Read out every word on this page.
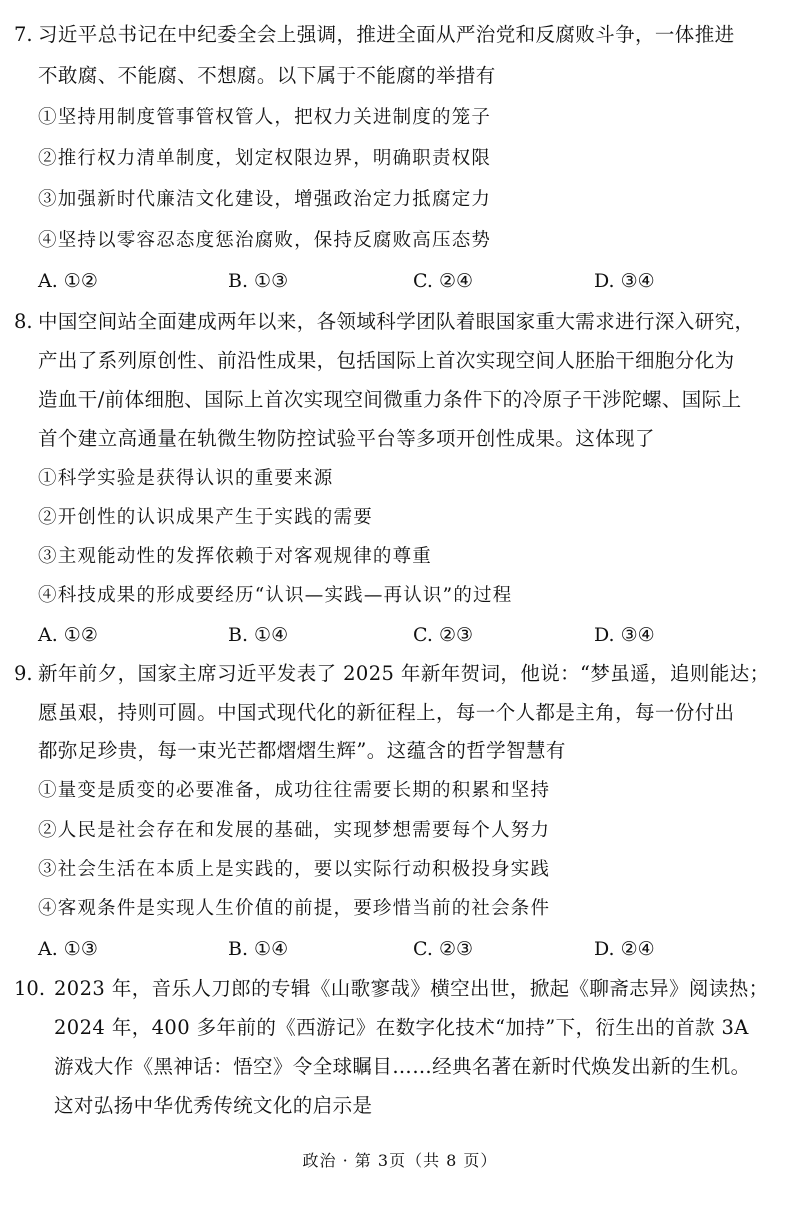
7. 习近平总书记在中纪委全会上强调，推进全面从严治党和反腐败斗争，一体推进
不敢腐、不能腐、不想腐。以下属于不能腐的举措有
①坚持用制度管事管权管人，把权力关进制度的笼子
②推行权力清单制度，划定权限边界，明确职责权限
③加强新时代廉洁文化建设，增强政治定力抵腐定力
④坚持以零容忍态度惩治腐败，保持反腐败高压态势
A. ①②	B. ①③	C. ②④	D. ③④
8. 中国空间站全面建成两年以来，各领域科学团队着眼国家重大需求进行深入研究，
产出了系列原创性、前沿性成果，包括国际上首次实现空间人胚胎干细胞分化为
造血干/前体细胞、国际上首次实现空间微重力条件下的冷原子干涉陀螺、国际上
首个建立高通量在轨微生物防控试验平台等多项开创性成果。这体现了
①科学实验是获得认识的重要来源
②开创性的认识成果产生于实践的需要
③主观能动性的发挥依赖于对客观规律的尊重
④科技成果的形成要经历“认识—实践—再认识”的过程
A. ①②	B. ①④	C. ②③	D. ③④
9. 新年前夕，国家主席习近平发表了 2025 年新年贺词，他说：“梦虽遥，追则能达；
愿虽艰，持则可圆。中国式现代化的新征程上，每一个人都是主角，每一份付出
都弥足珍贵，每一束光芒都熠熠生辉”。这蕴含的哲学智慧有
①量变是质变的必要准备，成功往往需要长期的积累和坚持
②人民是社会存在和发展的基础，实现梦想需要每个人努力
③社会生活在本质上是实践的，要以实际行动积极投身实践
④客观条件是实现人生价值的前提，要珍惜当前的社会条件
A. ①③	B. ①④	C. ②③	D. ②④
10. 2023 年，音乐人刀郎的专辑《山歌寥哉》横空出世，掀起《聊斋志异》阅读热；
2024 年，400 多年前的《西游记》在数字化技术“加持”下，衍生出的首款 3A
游戏大作《黑神话：悟空》令全球瞩目……经典名著在新时代焕发出新的生机。
这对弘扬中华优秀传统文化的启示是
政治 · 第 3页（共 8 页）
